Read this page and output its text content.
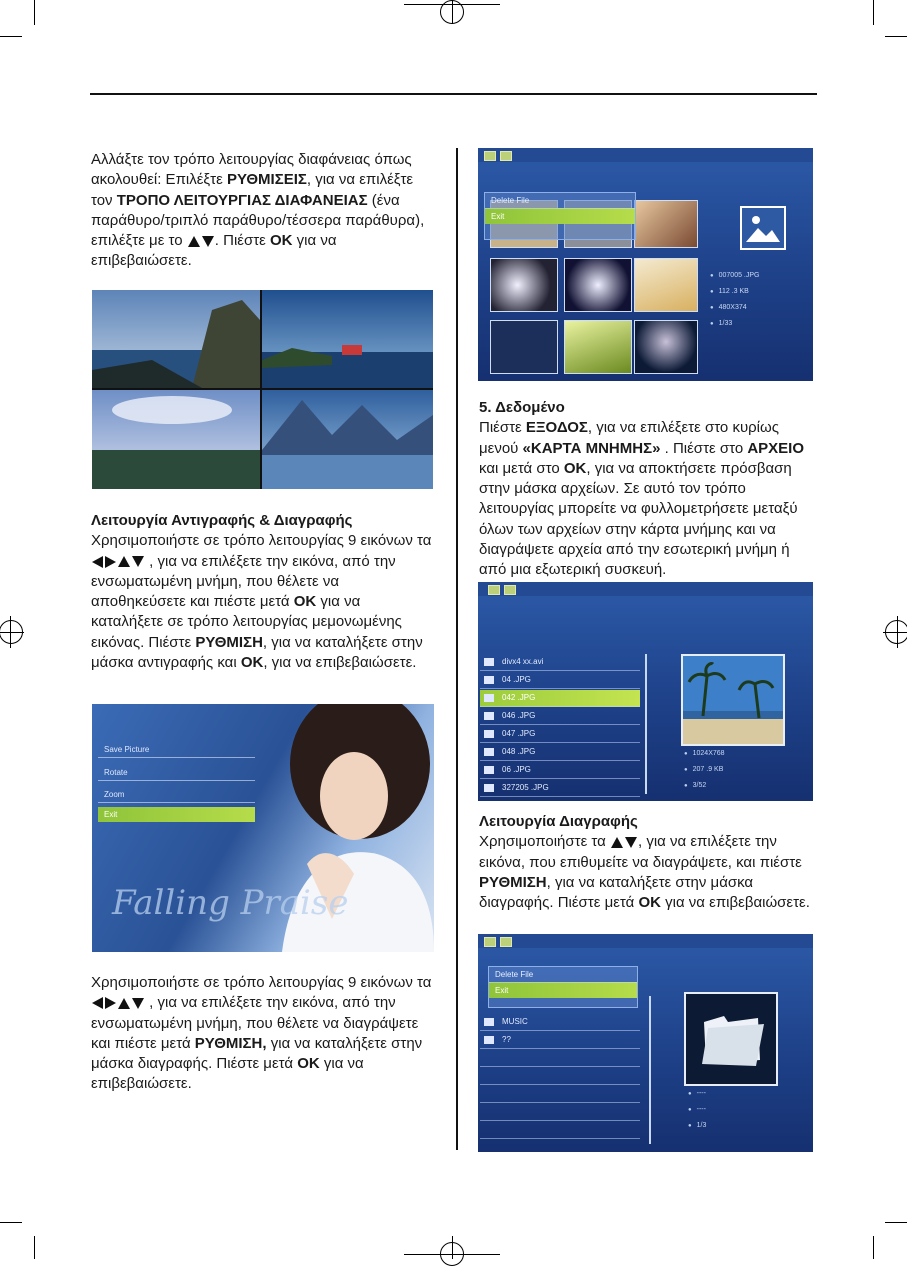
Αλλάξτε τον τρόπο λειτουργίας διαφάνειας όπως ακολουθεί: Επιλέξτε ΡΥΘΜΙΣΕΙΣ, για να επιλέξτε τον ΤΡΟΠΟ ΛΕΙΤΟΥΡΓΙΑΣ ΔΙΑΦΑΝΕΙΑΣ (ένα παράθυρο/τριπλό παράθυρο/τέσσερα παράθυρα), επιλέξτε με το . Πιέστε OK για να επιβεβαιώσετε.
Λειτουργία Αντιγραφής & Διαγραφής
Χρησιμοποιήστε σε τρόπο λειτουργίας 9 εικόνων τα  , για να επιλέξετε την εικόνα, από την ενσωματωμένη μνήμη, που θέλετε να αποθηκεύσετε και πιέστε μετά OK για να καταλήξετε σε τρόπο λειτουργίας μεμονωμένης εικόνας. Πιέστε ΡΥΘΜΙΣΗ, για να καταλήξετε στην μάσκα αντιγραφής και OK, για να επιβεβαιώσετε.
Falling Praise
Save Picture
Rotate
Zoom
Exit
Χρησιμοποιήστε σε τρόπο λειτουργίας 9 εικόνων τα  , για να επιλέξετε την εικόνα, από την ενσωματωμένη μνήμη, που θέλετε να διαγράψετε και πιέστε μετά ΡΥΘΜΙΣΗ, για να καταλήξετε στην μάσκα διαγραφής. Πιέστε μετά OK για να επιβεβαιώσετε.
Delete File
Exit
● 007005 .JPG
● 112 .3 KB
● 480X374
● 1/33
5. Δεδομένο
Πιέστε ΕΞΟΔΟΣ, για να επιλέξετε στο κυρίως μενού «ΚΑΡΤΑ ΜΝΗΜΗΣ» . Πιέστε στο ΑΡΧΕΙΟ και μετά στο OK, για να αποκτήσετε πρόσβαση στην μάσκα αρχείων. Σε αυτό τον τρόπο λειτουργίας μπορείτε να φυλλομετρήσετε μεταξύ όλων των αρχείων στην κάρτα μνήμης και να διαγράψετε αρχεία από την εσωτερική μνήμη ή από μια εξωτερική συσκευή.
divx4 xx.avi
04 .JPG
042 .JPG
046 .JPG
047 .JPG
048 .JPG
06 .JPG
327205 .JPG
● 1024X768
● 207 .9 KB
● 3/52
Λειτουργία Διαγραφής
Χρησιμοποιήστε τα , για να επιλέξετε την εικόνα, που επιθυμείτε να διαγράψετε, και πιέστε ΡΥΘΜΙΣΗ, για να καταλήξετε στην μάσκα διαγραφής. Πιέστε μετά OK για να επιβεβαιώσετε.
MUSIC
??
Delete File
Exit
● ----
● ----
● 1/3
